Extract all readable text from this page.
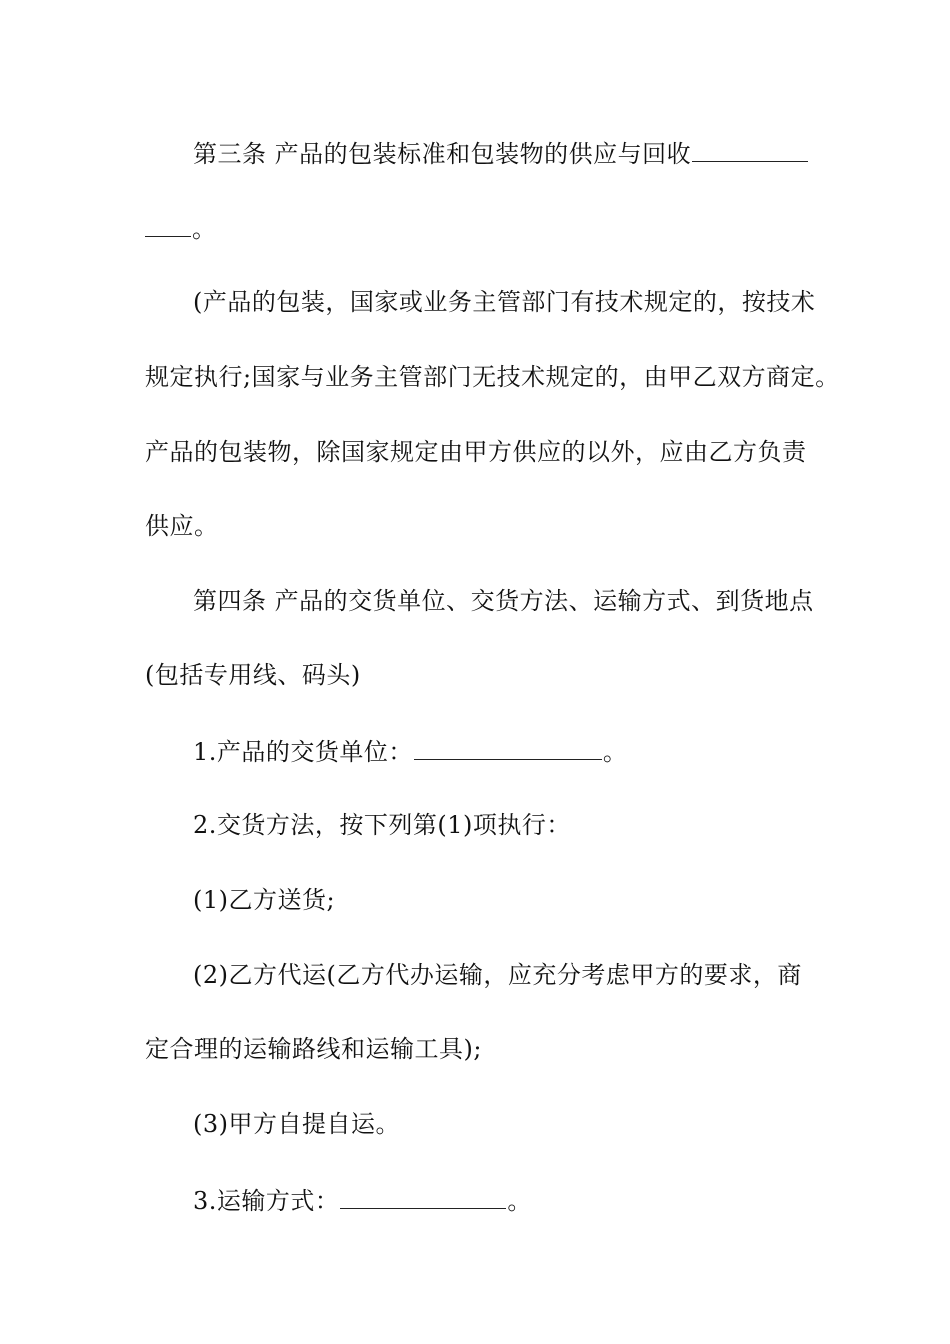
第三条 产品的包装标准和包装物的供应与回收
。
(产品的包装，国家或业务主管部门有技术规定的，按技术
规定执行;国家与业务主管部门无技术规定的，由甲乙双方商定。
产品的包装物，除国家规定由甲方供应的以外，应由乙方负责
供应。
第四条 产品的交货单位、交货方法、运输方式、到货地点
(包括专用线、码头)
1.产品的交货单位：	。
2.交货方法，按下列第(1)项执行：
(1)乙方送货;
(2)乙方代运(乙方代办运输，应充分考虑甲方的要求，商
定合理的运输路线和运输工具);
(3)甲方自提自运。
3.运输方式：	。
